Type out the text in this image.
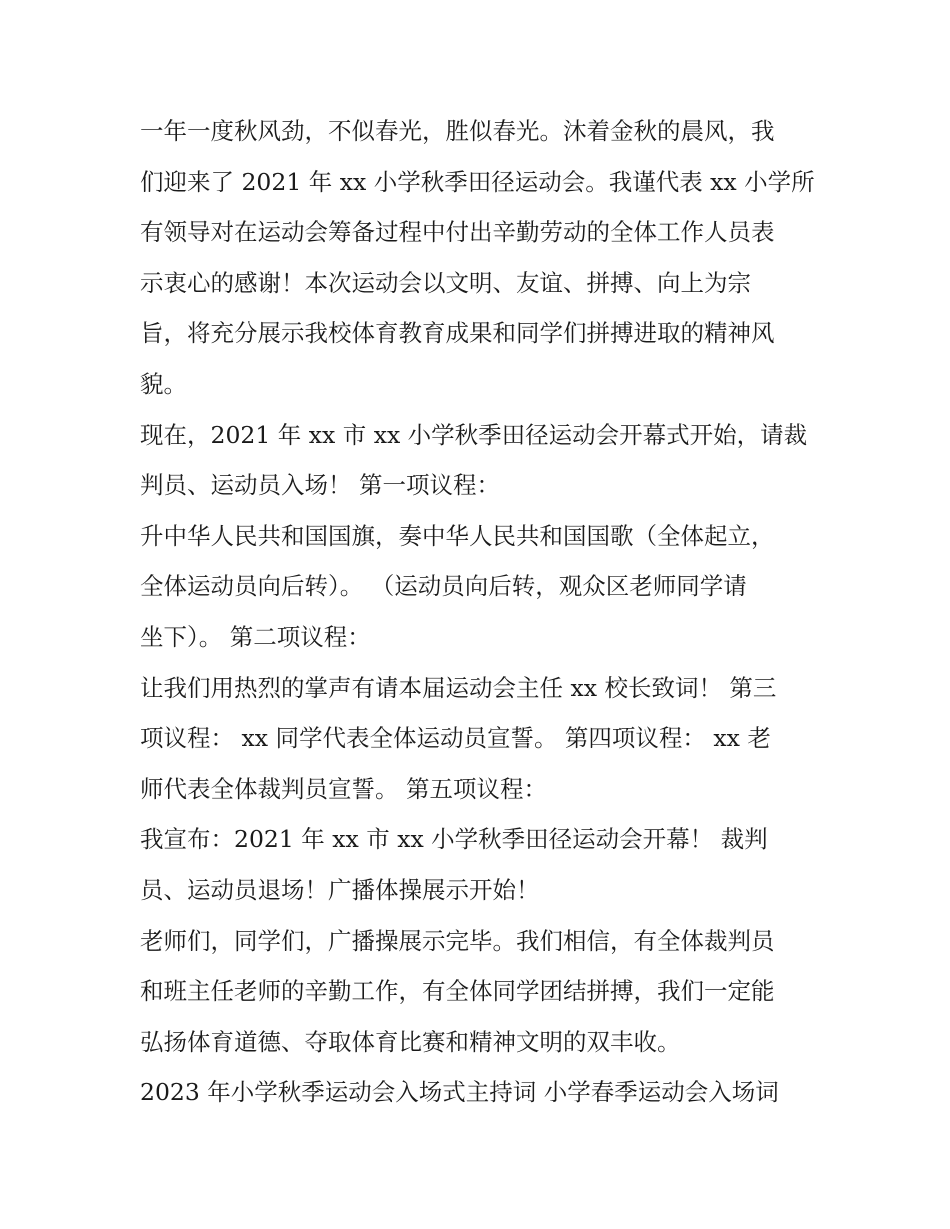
一年一度秋风劲，不似春光，胜似春光。沐着金秋的晨风，我
们迎来了 2021 年 xx 小学秋季田径运动会。我谨代表 xx 小学所
有领导对在运动会筹备过程中付出辛勤劳动的全体工作人员表
示衷心的感谢！本次运动会以文明、友谊、拼搏、向上为宗
旨，将充分展示我校体育教育成果和同学们拼搏进取的精神风
貌。
现在，2021 年 xx 市 xx 小学秋季田径运动会开幕式开始，请裁
判员、运动员入场！ 第一项议程：
升中华人民共和国国旗，奏中华人民共和国国歌（全体起立，
全体运动员向后转）。 （运动员向后转，观众区老师同学请
坐下）。 第二项议程：
让我们用热烈的掌声有请本届运动会主任 xx 校长致词！ 第三
项议程： xx 同学代表全体运动员宣誓。 第四项议程： xx 老
师代表全体裁判员宣誓。 第五项议程：
我宣布：2021 年 xx 市 xx 小学秋季田径运动会开幕！ 裁判
员、运动员退场！广播体操展示开始！
老师们，同学们，广播操展示完毕。我们相信，有全体裁判员
和班主任老师的辛勤工作，有全体同学团结拼搏，我们一定能
弘扬体育道德、夺取体育比赛和精神文明的双丰收。
2023 年小学秋季运动会入场式主持词 小学春季运动会入场词
